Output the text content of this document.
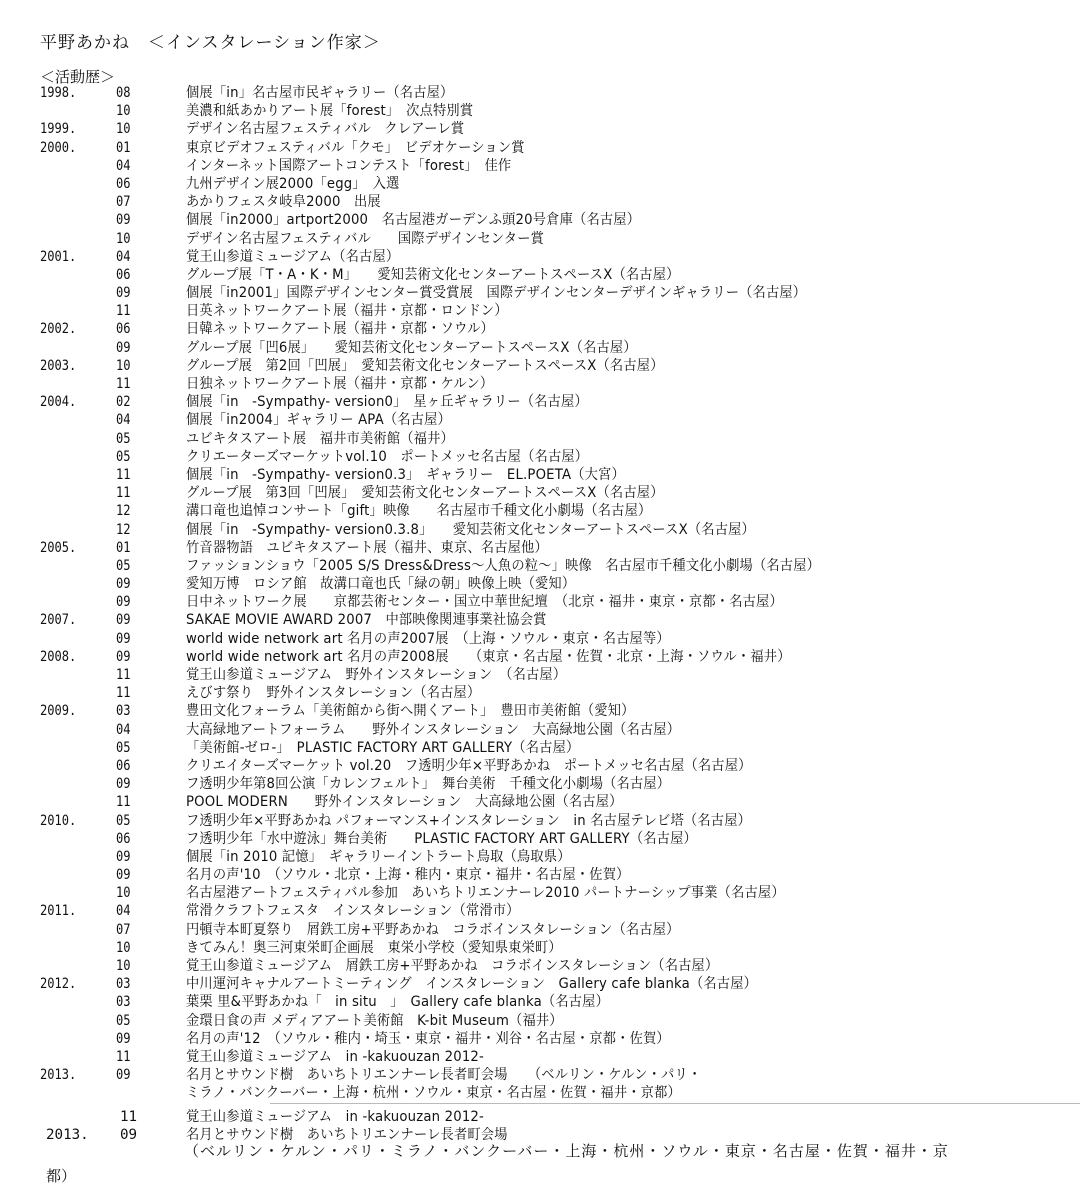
平野あかね　＜インスタレーション作家＞
＜活動歴＞
1998.	08	個展「in」名古屋市民ギャラリー（名古屋）
10	美濃和紙あかりアート展「forest」　次点特別賞
1999.	10	デザイン名古屋フェスティバル　クレアーレ賞
2000.	01	東京ビデオフェスティバル「クモ」　ビデオケーション賞
04	インターネット国際アートコンテスト「forest」　佳作
06	九州デザイン展2000「egg」　入選
07	あかりフェスタ岐阜2000　出展
09	個展「in2000」artport2000　名古屋港ガーデンふ頭20号倉庫（名古屋）
10	デザイン名古屋フェスティバル　　国際デザインセンター賞
2001.	04	覚王山参道ミュージアム（名古屋）
06	グループ展「T・A・K・M」　　愛知芸術文化センターアートスペースX（名古屋）
09	個展「in2001」国際デザインセンター賞受賞展　国際デザインセンターデザインギャラリー（名古屋）
11	日英ネットワークアート展（福井・京都・ロンドン）
2002.	06	日韓ネットワークアート展（福井・京都・ソウル）
09	グループ展「凹6展」　　愛知芸術文化センターアートスペースX（名古屋）
2003.	10	グループ展　第2回「凹展」　愛知芸術文化センターアートスペースX（名古屋）
11	日独ネットワークアート展（福井・京都・ケルン）
2004.	02	個展「in　-Sympathy- version0」　星ヶ丘ギャラリー（名古屋）
04	個展「in2004」ギャラリー APA（名古屋）
05	ユビキタスアート展　福井市美術館（福井）
05	クリエーターズマーケットvol.10　ポートメッセ名古屋（名古屋）
11	個展「in　-Sympathy- version0.3」　ギャラリー　EL.POETA（大宮）
11	グループ展　第3回「凹展」　愛知芸術文化センターアートスペースX（名古屋）
12	溝口竜也追悼コンサート「gift」映像　　名古屋市千種文化小劇場（名古屋）
12	個展「in　-Sympathy- version0.3.8」　　愛知芸術文化センターアートスペースX（名古屋）
2005.	01	竹音器物語　ユビキタスアート展（福井、東京、名古屋他）
05	ファッションショウ「2005 S/S Dress&Dress～人魚の粒～」映像　名古屋市千種文化小劇場（名古屋）
09	愛知万博　ロシア館　故溝口竜也氏「緑の朝」映像上映（愛知）
09	日中ネットワーク展　　京都芸術センター・国立中華世紀壇　（北京・福井・東京・京都・名古屋）
2007.	09	SAKAE MOVIE AWARD 2007　中部映像関連事業社協会賞
09	world wide network art 名月の声2007展　（上海・ソウル・東京・名古屋等）
2008.	09	world wide network art 名月の声2008展　　（東京・名古屋・佐賀・北京・上海・ソウル・福井）
11	覚王山参道ミュージアム　野外インスタレーション　（名古屋）
11	えびす祭り　野外インスタレーション（名古屋）
2009.	03	豊田文化フォーラム「美術館から街へ開くアート」　豊田市美術館（愛知）
04	大高緑地アートフォーラム　　野外インスタレーション　大高緑地公園（名古屋）
05	「美術館-ゼロ-」　PLASTIC FACTORY ART GALLERY（名古屋）
06	クリエイターズマーケット vol.20　フ透明少年×平野あかね　ポートメッセ名古屋（名古屋）
09	フ透明少年第8回公演「カレンフェルト」　舞台美術　千種文化小劇場（名古屋）
11	POOL MODERN　　野外インスタレーション　大高緑地公園（名古屋）
2010.	05	フ透明少年×平野あかね パフォーマンス+インスタレーション　in 名古屋テレビ塔（名古屋）
06	フ透明少年「水中遊泳」舞台美術　　PLASTIC FACTORY ART GALLERY（名古屋）
09	個展「in 2010 記憶」　ギャラリーイントラート鳥取（鳥取県）
09	名月の声'10　（ソウル・北京・上海・稚内・東京・福井・名古屋・佐賀）
10	名古屋港アートフェスティバル参加　あいちトリエンナーレ2010 パートナーシップ事業（名古屋）
2011.	04	常滑クラフトフェスタ　インスタレーション（常滑市）
07	円頓寺本町夏祭り　屑鉄工房+平野あかね　コラボインスタレーション（名古屋）
10	きてみん！奥三河東栄町企画展　東栄小学校（愛知県東栄町）
10	覚王山参道ミュージアム　屑鉄工房+平野あかね　コラボインスタレーション（名古屋）
2012.	03	中川運河キャナルアートミーティング　インスタレーション　Gallery cafe blanka（名古屋）
03	葉栗 里&平野あかね「　in situ　」　Gallery cafe blanka（名古屋）
05	金環日食の声 メディアアート美術館　K-bit Museum（福井）
09	名月の声'12　（ソウル・稚内・埼玉・東京・福井・刈谷・名古屋・京都・佐賀）
11	覚王山参道ミュージアム　in -kakuouzan 2012-
2013.	09	名月とサウンド樹　あいちトリエンナーレ長者町会場　　（ベルリン・ケルン・パリ・
ミラノ・バンクーバー・上海・杭州・ソウル・東京・名古屋・佐賀・福井・京都）
11	覚王山参道ミュージアム　in -kakuouzan 2012-
2013.	09	名月とサウンド樹　あいちトリエンナーレ長者町会場
（ベルリン・ケルン・パリ・ミラノ・バンクーバー・上海・杭州・ソウル・東京・名古屋・佐賀・福井・京
都）
